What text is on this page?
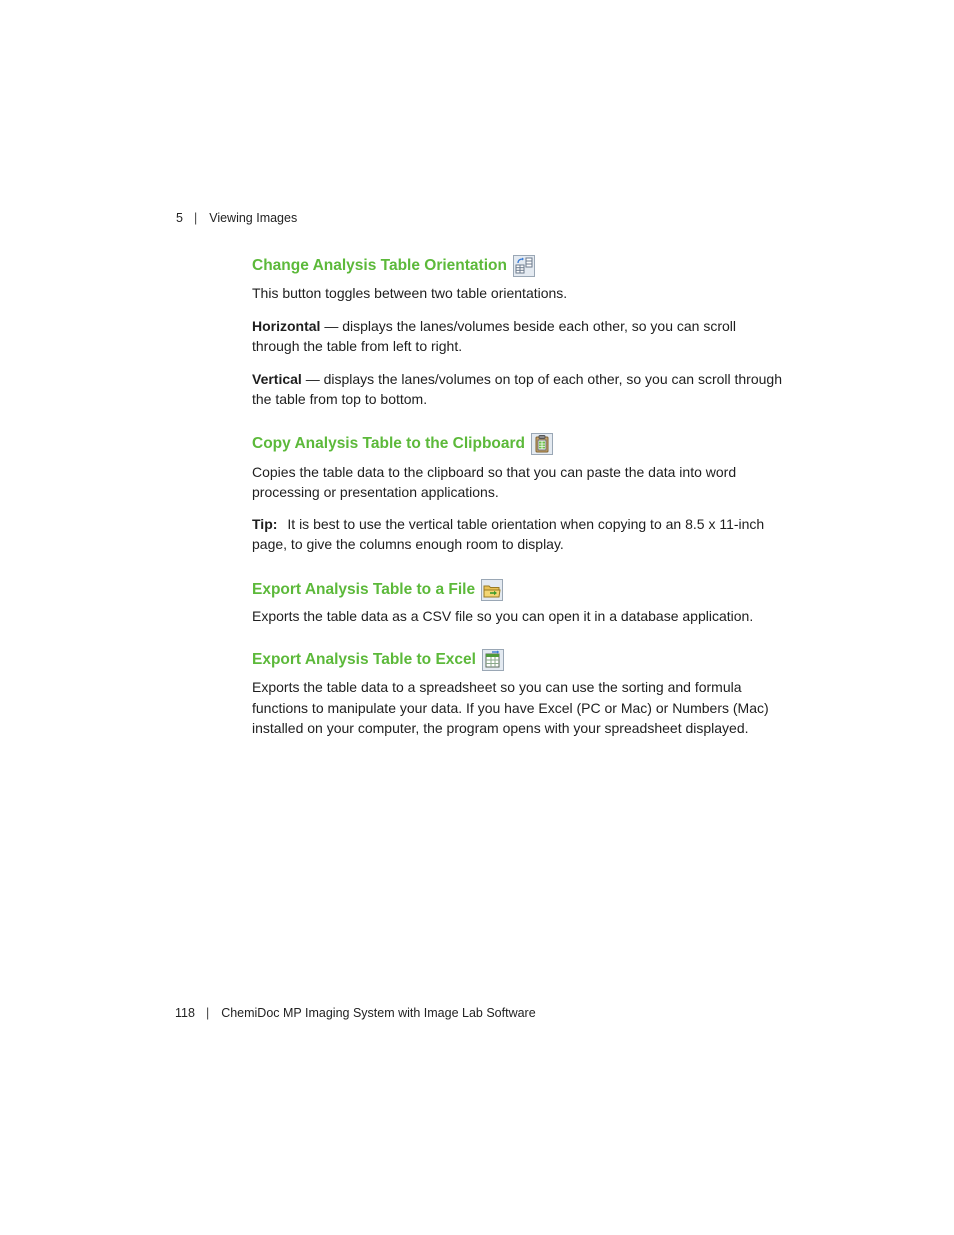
5 | Viewing Images
Change Analysis Table Orientation

This button toggles between two table orientations.

Horizontal — displays the lanes/volumes beside each other, so you can scroll through the table from left to right.

Vertical — displays the lanes/volumes on top of each other, so you can scroll through the table from top to bottom.

Copy Analysis Table to the Clipboard

Copies the table data to the clipboard so that you can paste the data into word processing or presentation applications.

Tip: It is best to use the vertical table orientation when copying to an 8.5 x 11-inch page, to give the columns enough room to display.

Export Analysis Table to a File

Exports the table data as a CSV file so you can open it in a database application.

Export Analysis Table to Excel

Exports the table data to a spreadsheet so you can use the sorting and formula functions to manipulate your data. If you have Excel (PC or Mac) or Numbers (Mac) installed on your computer, the program opens with your spreadsheet displayed.

118 | ChemiDoc MP Imaging System with Image Lab Software
